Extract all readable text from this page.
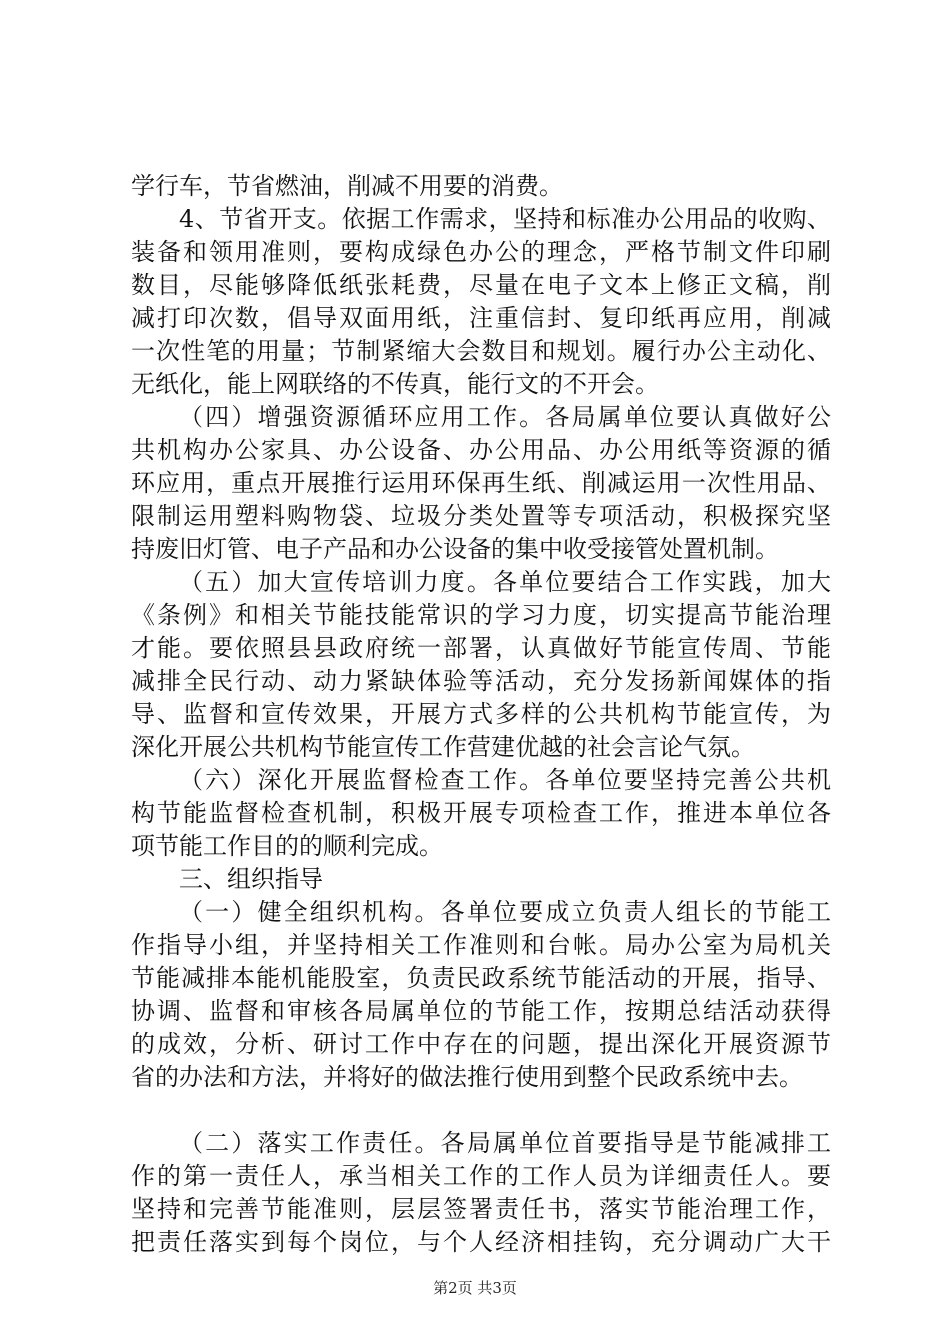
学行车，节省燃油，削减不用要的消费。
4、节省开支。依据工作需求，坚持和标准办公用品的收购、
装备和领用准则，要构成绿色办公的理念，严格节制文件印刷
数目，尽能够降低纸张耗费，尽量在电子文本上修正文稿，削
减打印次数，倡导双面用纸，注重信封、复印纸再应用，削减
一次性笔的用量；节制紧缩大会数目和规划。履行办公主动化、
无纸化，能上网联络的不传真，能行文的不开会。
（四）增强资源循环应用工作。各局属单位要认真做好公
共机构办公家具、办公设备、办公用品、办公用纸等资源的循
环应用，重点开展推行运用环保再生纸、削减运用一次性用品、
限制运用塑料购物袋、垃圾分类处置等专项活动，积极探究坚
持废旧灯管、电子产品和办公设备的集中收受接管处置机制。
（五）加大宣传培训力度。各单位要结合工作实践，加大
《条例》和相关节能技能常识的学习力度，切实提高节能治理
才能。要依照县县政府统一部署，认真做好节能宣传周、节能
减排全民行动、动力紧缺体验等活动，充分发扬新闻媒体的指
导、监督和宣传效果，开展方式多样的公共机构节能宣传，为
深化开展公共机构节能宣传工作营建优越的社会言论气氛。
（六）深化开展监督检查工作。各单位要坚持完善公共机
构节能监督检查机制，积极开展专项检查工作，推进本单位各
项节能工作目的的顺利完成。
三、组织指导
（一）健全组织机构。各单位要成立负责人组长的节能工
作指导小组，并坚持相关工作准则和台帐。局办公室为局机关
节能减排本能机能股室，负责民政系统节能活动的开展，指导、
协调、监督和审核各局属单位的节能工作，按期总结活动获得
的成效，分析、研讨工作中存在的问题，提出深化开展资源节
省的办法和方法，并将好的做法推行使用到整个民政系统中去。
（二）落实工作责任。各局属单位首要指导是节能减排工
作的第一责任人，承当相关工作的工作人员为详细责任人。要
坚持和完善节能准则，层层签署责任书，落实节能治理工作，
把责任落实到每个岗位，与个人经济相挂钩，充分调动广大干
第2页 共3页
